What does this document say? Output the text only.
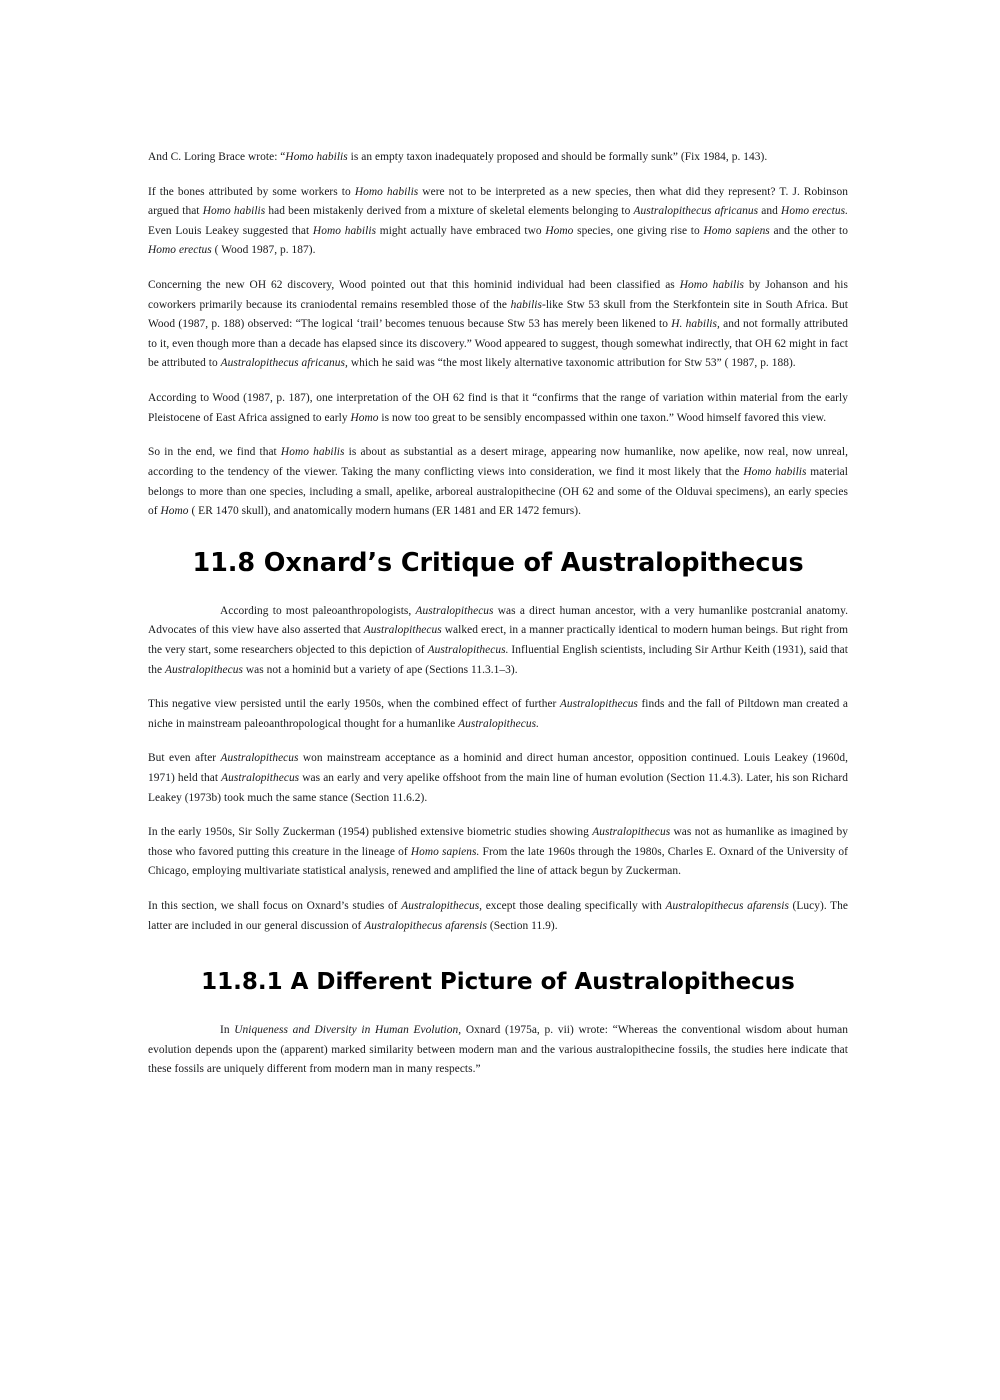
And C. Loring Brace wrote: “Homo habilis is an empty taxon inadequately proposed and should be formally sunk” (Fix 1984, p. 143).

If the bones attributed by some workers to Homo habilis were not to be interpreted as a new species, then what did they represent? T. J. Robinson argued that Homo habilis had been mistakenly derived from a mixture of skeletal elements belonging to Australopithecus africanus and Homo erectus. Even Louis Leakey suggested that Homo habilis might actually have embraced two Homo species, one giving rise to Homo sapiens and the other to Homo erectus ( Wood 1987, p. 187).

Concerning the new OH 62 discovery, Wood pointed out that this hominid individual had been classified as Homo habilis by Johanson and his coworkers primarily because its craniodental remains resembled those of the habilis-like Stw 53 skull from the Sterkfontein site in South Africa. But Wood (1987, p. 188) observed: “The logical ‘trail’ becomes tenuous because Stw 53 has merely been likened to H. habilis, and not formally attributed to it, even though more than a decade has elapsed since its discovery.” Wood appeared to suggest, though somewhat indirectly, that OH 62 might in fact be attributed to Australopithecus africanus, which he said was “the most likely alternative taxonomic attribution for Stw 53” ( 1987, p. 188).

According to Wood (1987, p. 187), one interpretation of the OH 62 find is that it “confirms that the range of variation within material from the early Pleistocene of East Africa assigned to early Homo is now too great to be sensibly encompassed within one taxon.” Wood himself favored this view.

So in the end, we find that Homo habilis is about as substantial as a desert mirage, appearing now humanlike, now apelike, now real, now unreal, according to the tendency of the viewer. Taking the many conflicting views into consideration, we find it most likely that the Homo habilis material belongs to more than one species, including a small, apelike, arboreal australopithecine (OH 62 and some of the Olduvai specimens), an early species of Homo ( ER 1470 skull), and anatomically modern humans (ER 1481 and ER 1472 femurs).

11.8 Oxnard’s Critique of Australopithecus

According to most paleoanthropologists, Australopithecus was a direct human ancestor, with a very humanlike postcranial anatomy. Advocates of this view have also asserted that Australopithecus walked erect, in a manner practically identical to modern human beings. But right from the very start, some researchers objected to this depiction of Australopithecus. Influential English scientists, including Sir Arthur Keith (1931), said that the Australopithecus was not a hominid but a variety of ape (Sections 11.3.1–3).

This negative view persisted until the early 1950s, when the combined effect of further Australopithecus finds and the fall of Piltdown man created a niche in mainstream paleoanthropological thought for a humanlike Australopithecus.

But even after Australopithecus won mainstream acceptance as a hominid and direct human ancestor, opposition continued. Louis Leakey (1960d, 1971) held that Australopithecus was an early and very apelike offshoot from the main line of human evolution (Section 11.4.3). Later, his son Richard Leakey (1973b) took much the same stance (Section 11.6.2).

In the early 1950s, Sir Solly Zuckerman (1954) published extensive biometric studies showing Australopithecus was not as humanlike as imagined by those who favored putting this creature in the lineage of Homo sapiens. From the late 1960s through the 1980s, Charles E. Oxnard of the University of Chicago, employing multivariate statistical analysis, renewed and amplified the line of attack begun by Zuckerman.

In this section, we shall focus on Oxnard’s studies of Australopithecus, except those dealing specifically with Australopithecus afarensis (Lucy). The latter are included in our general discussion of Australopithecus afarensis (Section 11.9).

11.8.1 A Different Picture of Australopithecus

In Uniqueness and Diversity in Human Evolution, Oxnard (1975a, p. vii) wrote: “Whereas the conventional wisdom about human evolution depends upon the (apparent) marked similarity between modern man and the various australopithecine fossils, the studies here indicate that these fossils are uniquely different from modern man in many respects.”
